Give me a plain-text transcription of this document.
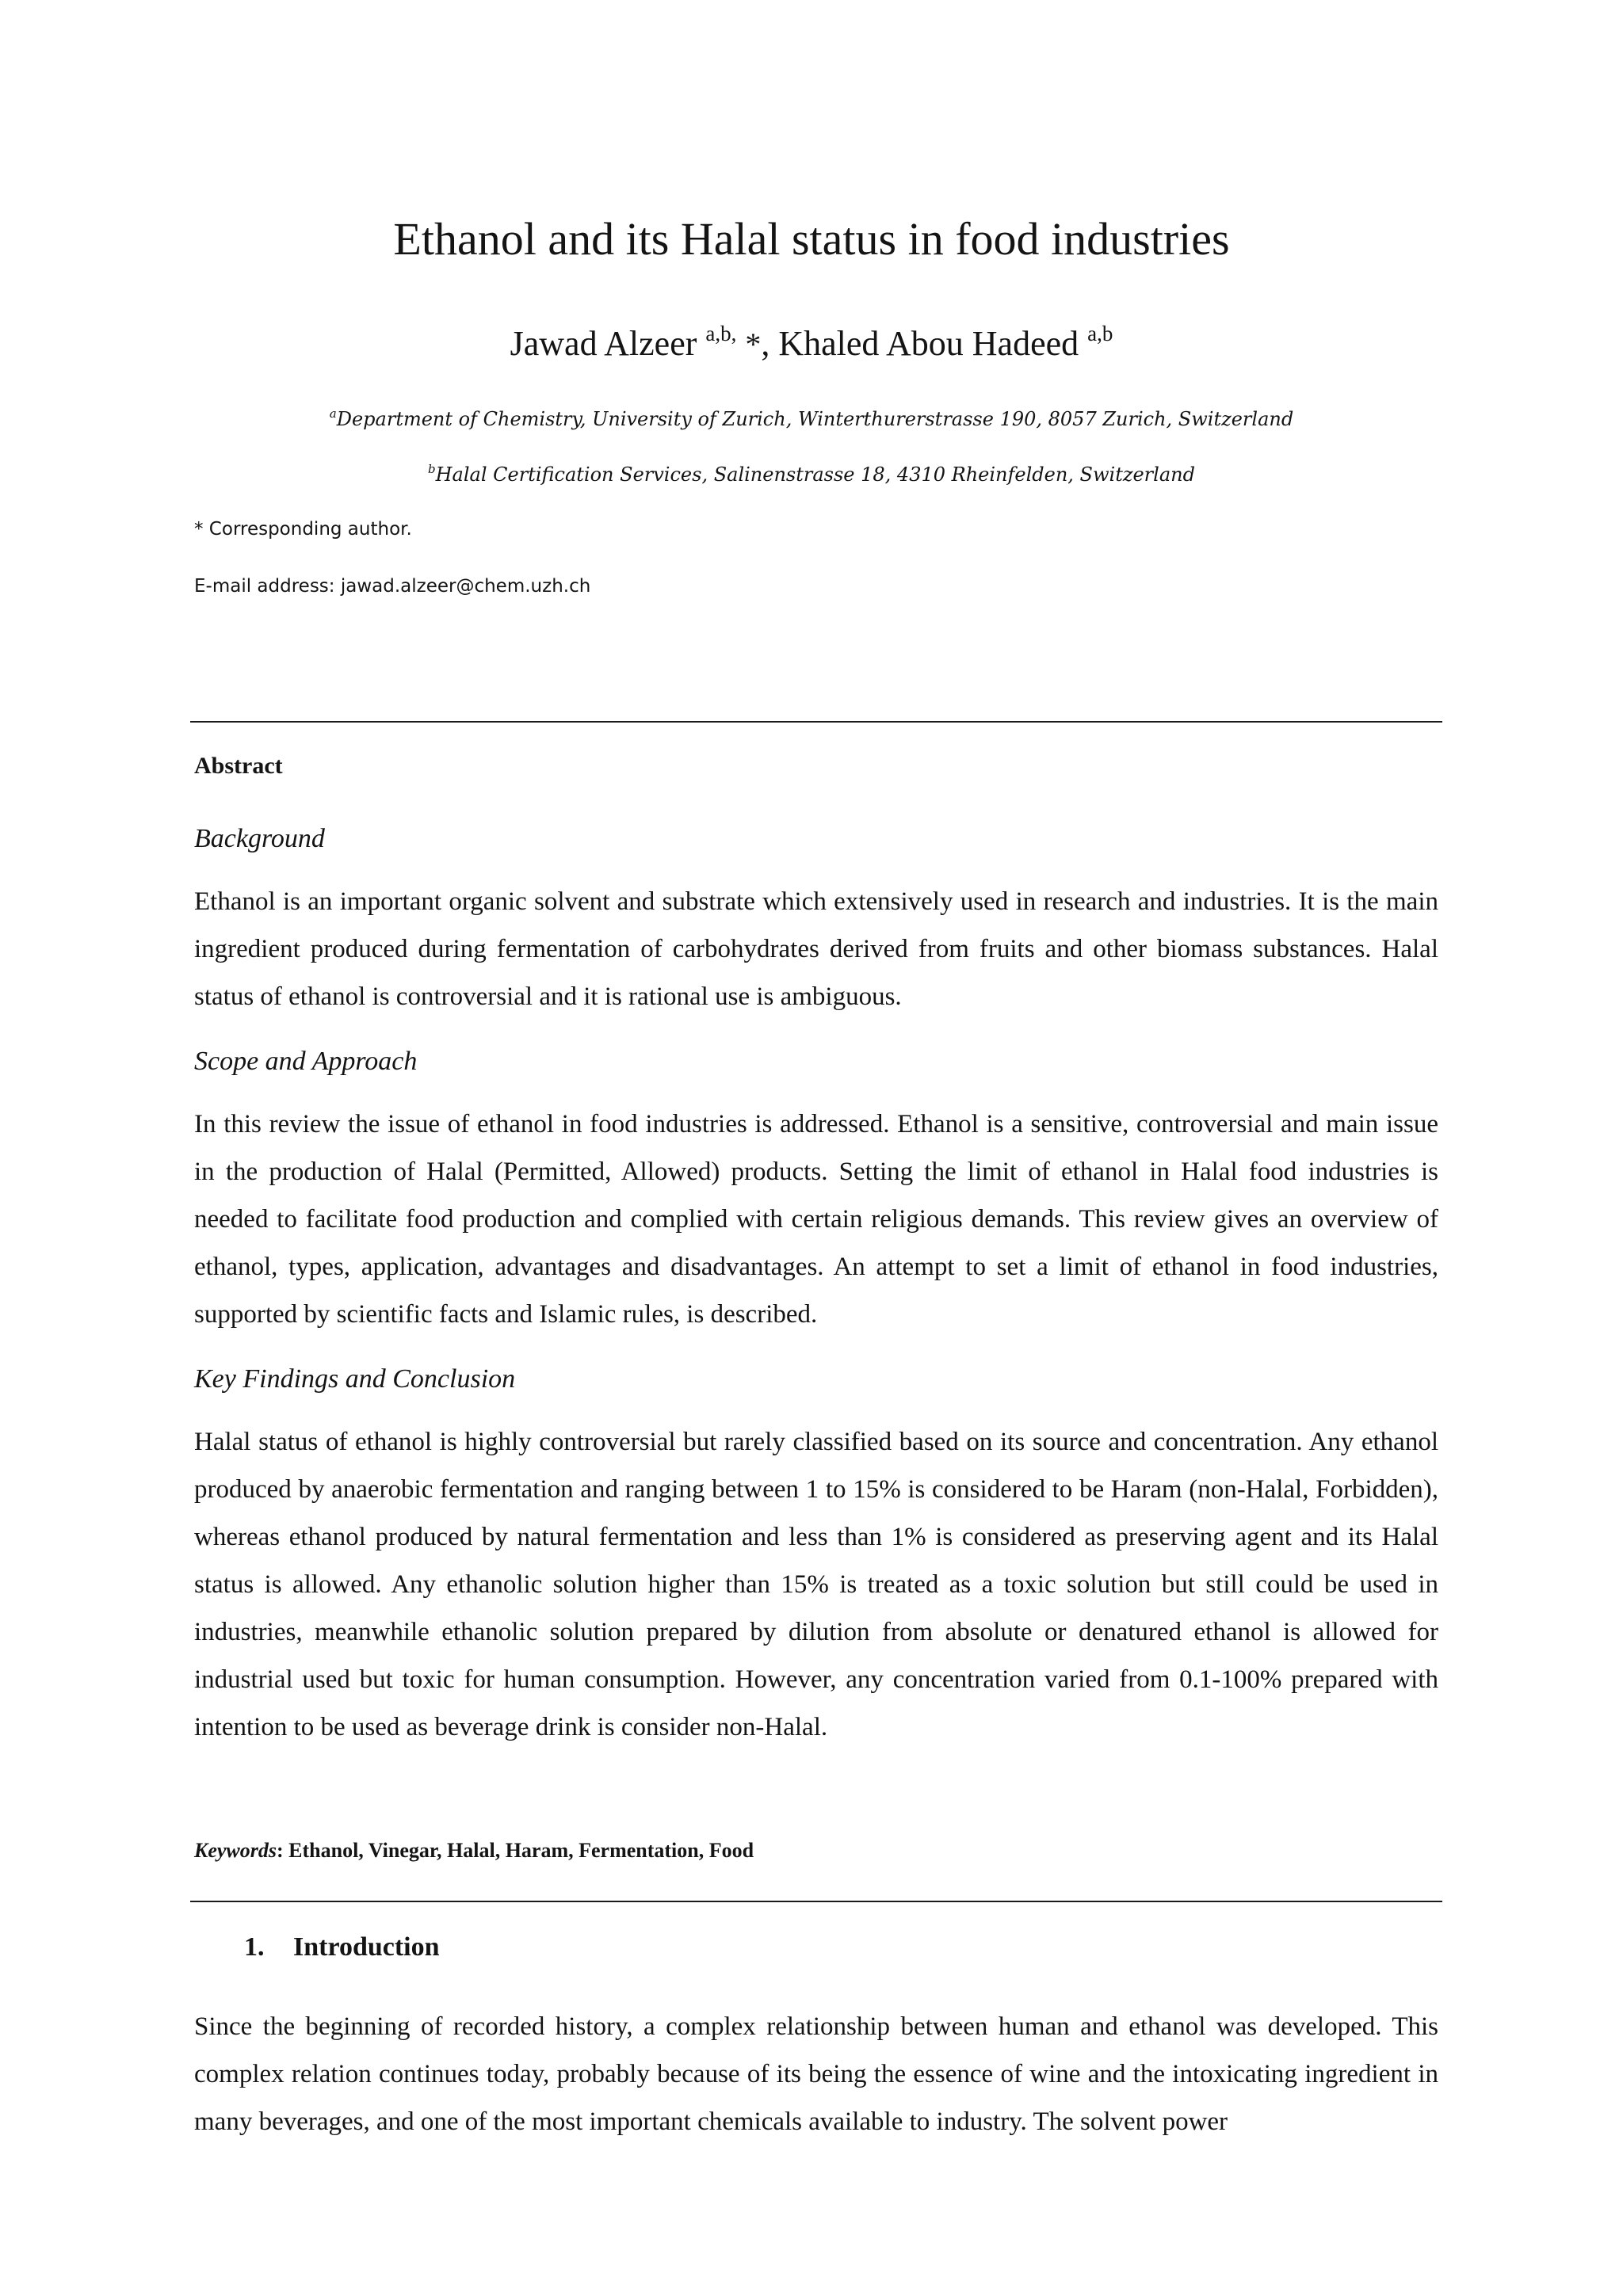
Ethanol and its Halal status in food industries
Jawad Alzeer $^{a,b,}$ *, Khaled Abou Hadeed $^{a,b}$
$^a$Department of Chemistry, University of Zurich, Winterthurerstrasse 190, 8057 Zurich, Switzerland
$^b$Halal Certification Services, Salinenstrasse 18, 4310 Rheinfelden, Switzerland
* Corresponding author.
E-mail address: jawad.alzeer@chem.uzh.ch
Abstract
Background

Ethanol is an important organic solvent and substrate which extensively used in research and industries. It is the main ingredient produced during fermentation of carbohydrates derived from fruits and other biomass substances. Halal status of ethanol is controversial and it is rational use is ambiguous.

Scope and Approach

In this review the issue of ethanol in food industries is addressed. Ethanol is a sensitive, controversial and main issue in the production of Halal (Permitted, Allowed) products. Setting the limit of ethanol in Halal food industries is needed to facilitate food production and complied with certain religious demands. This review gives an overview of ethanol, types, application, advantages and disadvantages. An attempt to set a limit of ethanol in food industries, supported by scientific facts and Islamic rules, is described.

Key Findings and Conclusion

Halal status of ethanol is highly controversial but rarely classified based on its source and concentration. Any ethanol produced by anaerobic fermentation and ranging between 1 to 15% is considered to be Haram (non-Halal, Forbidden), whereas ethanol produced by natural fermentation and less than 1% is considered as preserving agent and its Halal status is allowed. Any ethanolic solution higher than 15% is treated as a toxic solution but still could be used in industries, meanwhile ethanolic solution prepared by dilution from absolute or denatured ethanol is allowed for industrial used but toxic for human consumption. However, any concentration varied from 0.1-100% prepared with intention to be used as beverage drink is consider non-Halal.

Keywords: Ethanol, Vinegar, Halal, Haram, Fermentation, Food
1. Introduction

Since the beginning of recorded history, a complex relationship between human and ethanol was developed. This complex relation continues today, probably because of its being the essence of wine and the intoxicating ingredient in many beverages, and one of the most important chemicals available to industry. The solvent power
